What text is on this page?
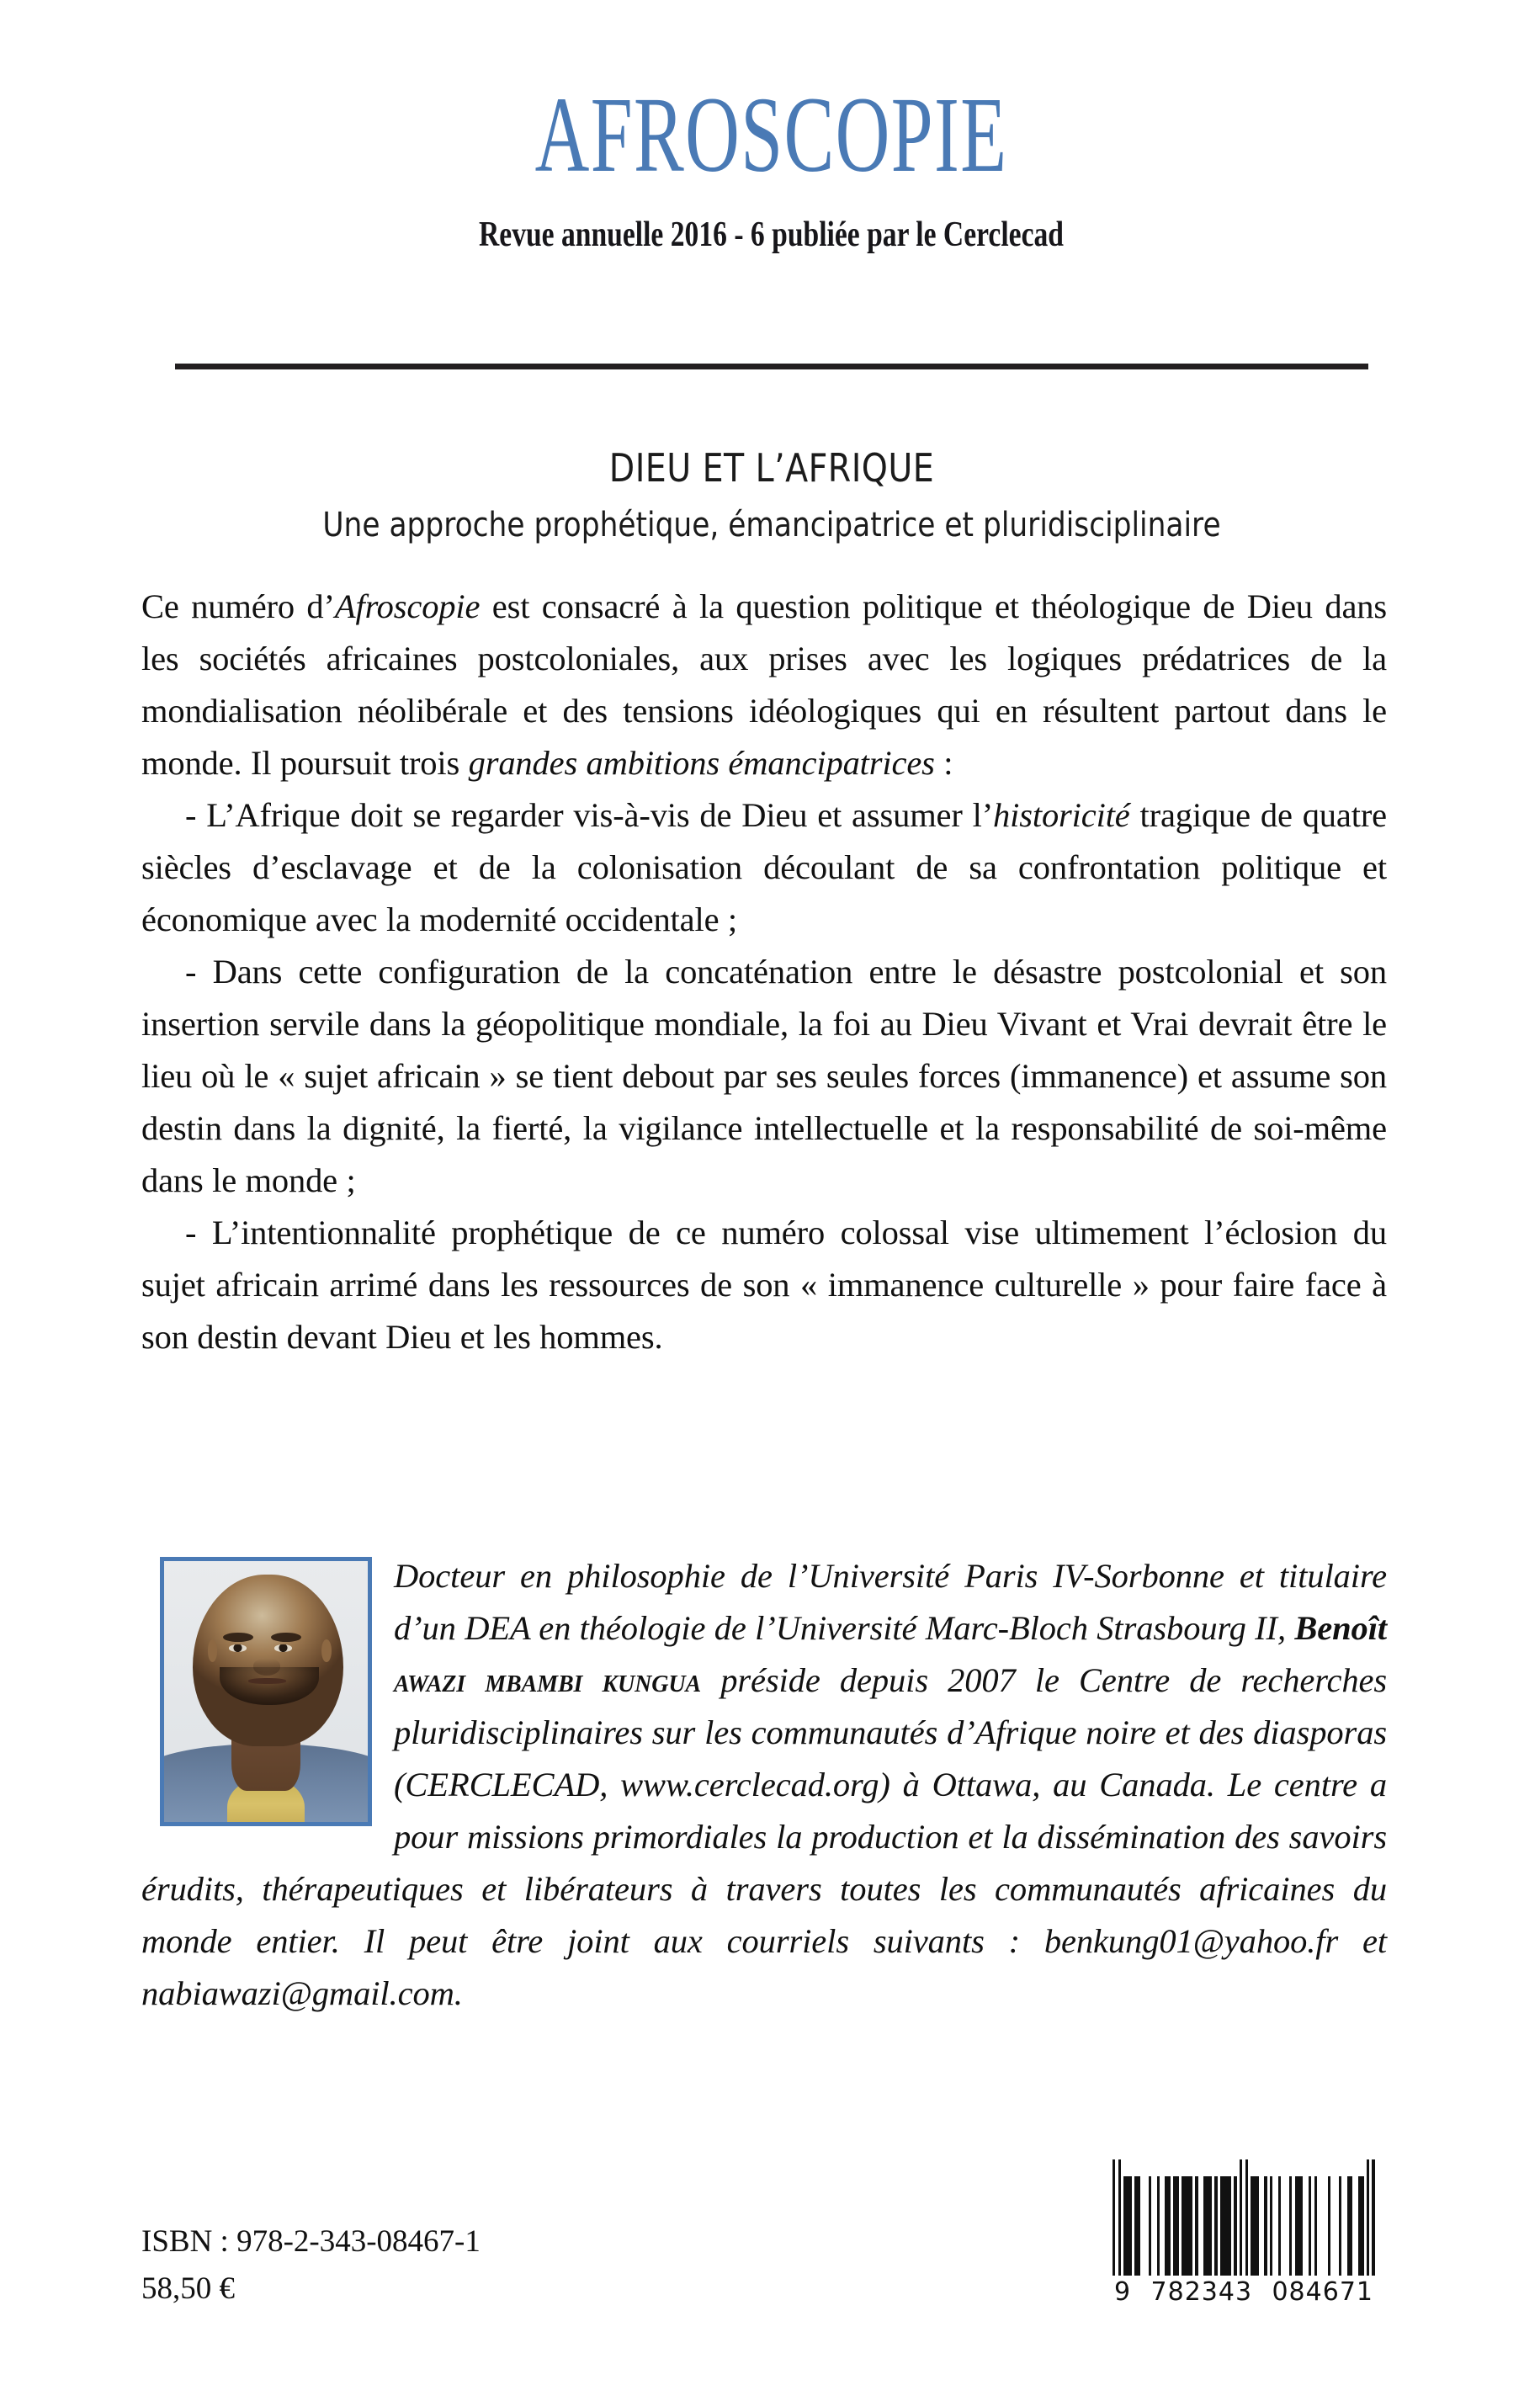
AFROSCOPIE
Revue annuelle 2016 - 6 publiée par le Cerclecad
DIEU ET L’AFRIQUE
Une approche prophétique, émancipatrice et pluridisciplinaire

Ce numéro d’Afroscopie est consacré à la question politique et théologique de Dieu dans les sociétés africaines postcoloniales, aux prises avec les logiques prédatrices de la mondialisation néolibérale et des tensions idéologiques qui en résultent partout dans le monde. Il poursuit trois grandes ambitions émancipatrices :

- L’Afrique doit se regarder vis-à-vis de Dieu et assumer l’historicité tragique de quatre siècles d’esclavage et de la colonisation découlant de sa confrontation politique et économique avec la modernité occidentale ;

- Dans cette configuration de la concaténation entre le désastre postcolonial et son insertion servile dans la géopolitique mondiale, la foi au Dieu Vivant et Vrai devrait être le lieu où le « sujet africain » se tient debout par ses seules forces (immanence) et assume son destin dans la dignité, la fierté, la vigilance intellectuelle et la responsabilité de soi-même dans le monde ;

- L’intentionnalité prophétique de ce numéro colossal vise ultimement l’éclosion du sujet africain arrimé dans les ressources de son « immanence culturelle » pour faire face à son destin devant Dieu et les hommes.

Docteur en philosophie de l’Université Paris IV-Sorbonne et titulaire d’un DEA en théologie de l’Université Marc-Bloch Strasbourg II, Benoît awazi mbambi kungua préside depuis 2007 le Centre de recherches pluridisciplinaires sur les communautés d’Afrique noire et des diasporas (CERCLECAD, www.cerclecad.org) à Ottawa, au Canada. Le centre a pour missions primordiales la production et la dissémination des savoirs érudits, thérapeutiques et libérateurs à travers toutes les communautés africaines du monde entier. Il peut être joint aux courriels suivants : benkung01@yahoo.fr et nabiawazi@gmail.com.

ISBN : 978-2-343-08467-1
58,50 €	9 782343 084671
